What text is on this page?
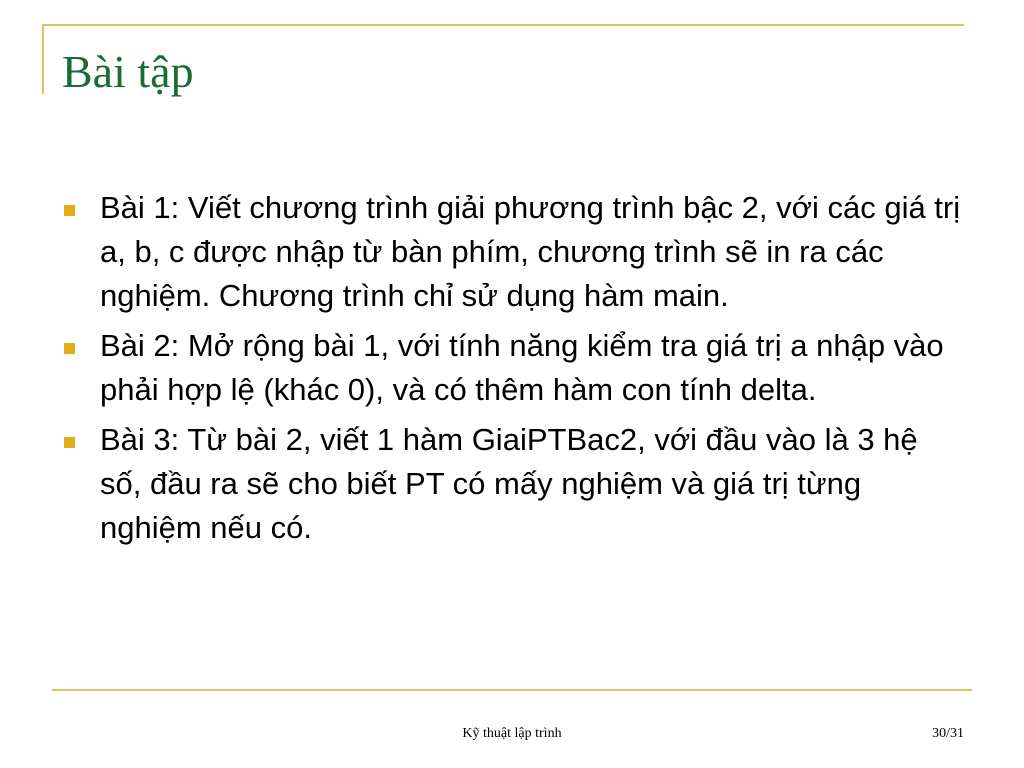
Bài tập
Bài 1: Viết chương trình giải phương trình bậc 2, với các giá trị a, b, c được nhập từ bàn phím, chương trình sẽ in ra các nghiệm. Chương trình chỉ sử dụng hàm main.
Bài 2: Mở rộng bài 1, với tính năng kiểm tra giá trị a nhập vào phải hợp lệ (khác 0), và có thêm hàm con tính delta.
Bài 3: Từ bài 2, viết 1 hàm GiaiPTBac2, với đầu vào là 3 hệ số, đầu ra sẽ cho biết PT có mấy nghiệm và giá trị từng nghiệm nếu có.
Kỹ thuật lập trình	30/31
